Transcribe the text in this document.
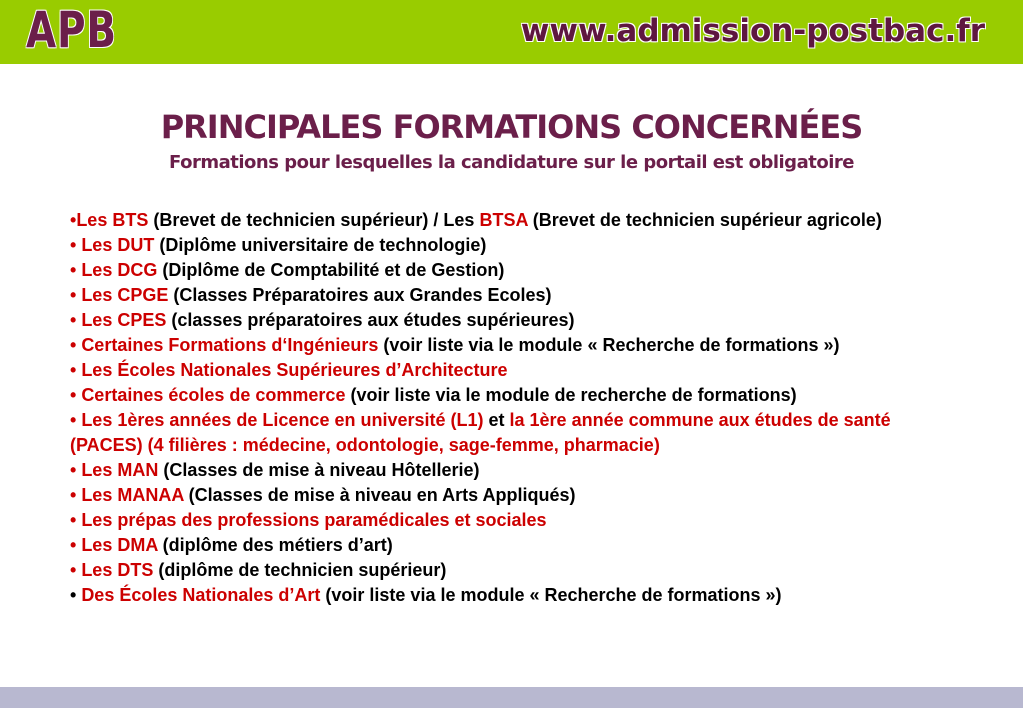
APB	www.admission-postbac.fr
PRINCIPALES FORMATIONS CONCERNÉES
Formations pour lesquelles la candidature sur le portail est obligatoire

•Les BTS (Brevet de technicien supérieur) / Les BTSA (Brevet de technicien supérieur agricole)

• Les DUT (Diplôme universitaire de technologie)

• Les DCG (Diplôme de Comptabilité et de Gestion)

• Les CPGE (Classes Préparatoires aux Grandes Ecoles)

• Les CPES (classes préparatoires aux études supérieures)

• Certaines Formations d‘Ingénieurs (voir liste via le module « Recherche de formations »)

• Les Écoles Nationales Supérieures d’Architecture

• Certaines écoles de commerce (voir liste via le module de recherche de formations)

• Les 1ères années de Licence en université (L1) et la 1ère année commune aux études de santé (PACES) (4 filières : médecine, odontologie, sage-femme, pharmacie)

• Les MAN (Classes de mise à niveau Hôtellerie)

• Les MANAA (Classes de mise à niveau en Arts Appliqués)

• Les prépas des professions paramédicales et sociales

• Les DMA (diplôme des métiers d’art)

• Les DTS (diplôme de technicien supérieur)

• Des Écoles Nationales d’Art (voir liste via le module « Recherche de formations »)
